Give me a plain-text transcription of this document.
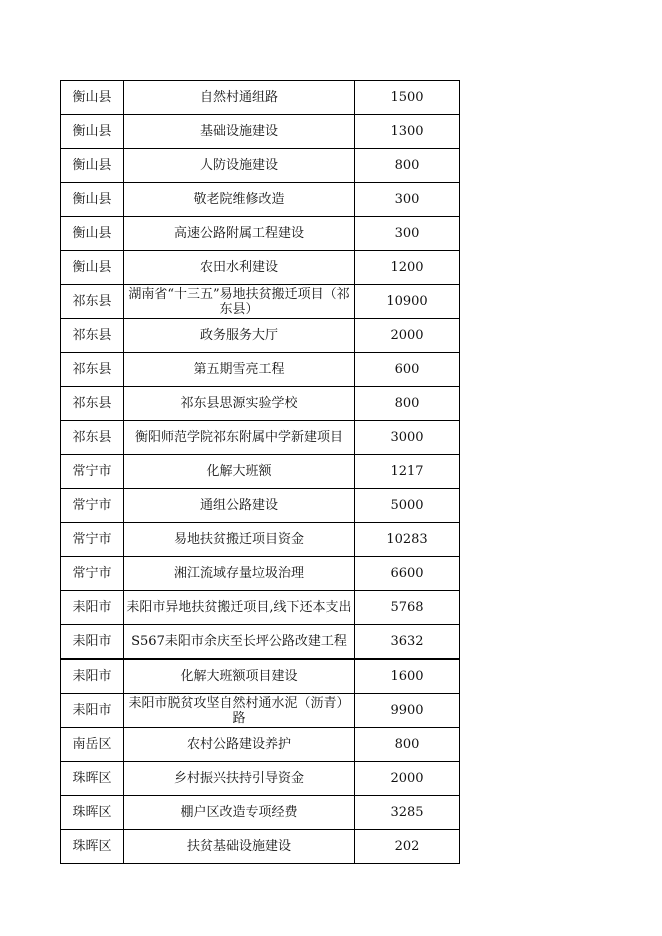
衡山县	自然村通组路	1500
衡山县	基础设施建设	1300
衡山县	人防设施建设	800
衡山县	敬老院维修改造	300
衡山县	高速公路附属工程建设	300
衡山县	农田水利建设	1200
祁东县	湖南省“十三五”易地扶贫搬迁项目（祁东县）	10900
祁东县	政务服务大厅	2000
祁东县	第五期雪亮工程	600
祁东县	祁东县思源实验学校	800
祁东县	衡阳师范学院祁东附属中学新建项目	3000
常宁市	化解大班额	1217
常宁市	通组公路建设	5000
常宁市	易地扶贫搬迁项目资金	10283
常宁市	湘江流域存量垃圾治理	6600
耒阳市	耒阳市异地扶贫搬迁项目,线下还本支出	5768
耒阳市	S567耒阳市余庆至长坪公路改建工程	3632
耒阳市	化解大班额项目建设	1600
耒阳市	耒阳市脱贫攻坚自然村通水泥（沥青）路	9900
南岳区	农村公路建设养护	800
珠晖区	乡村振兴扶持引导资金	2000
珠晖区	棚户区改造专项经费	3285
珠晖区	扶贫基础设施建设	202
